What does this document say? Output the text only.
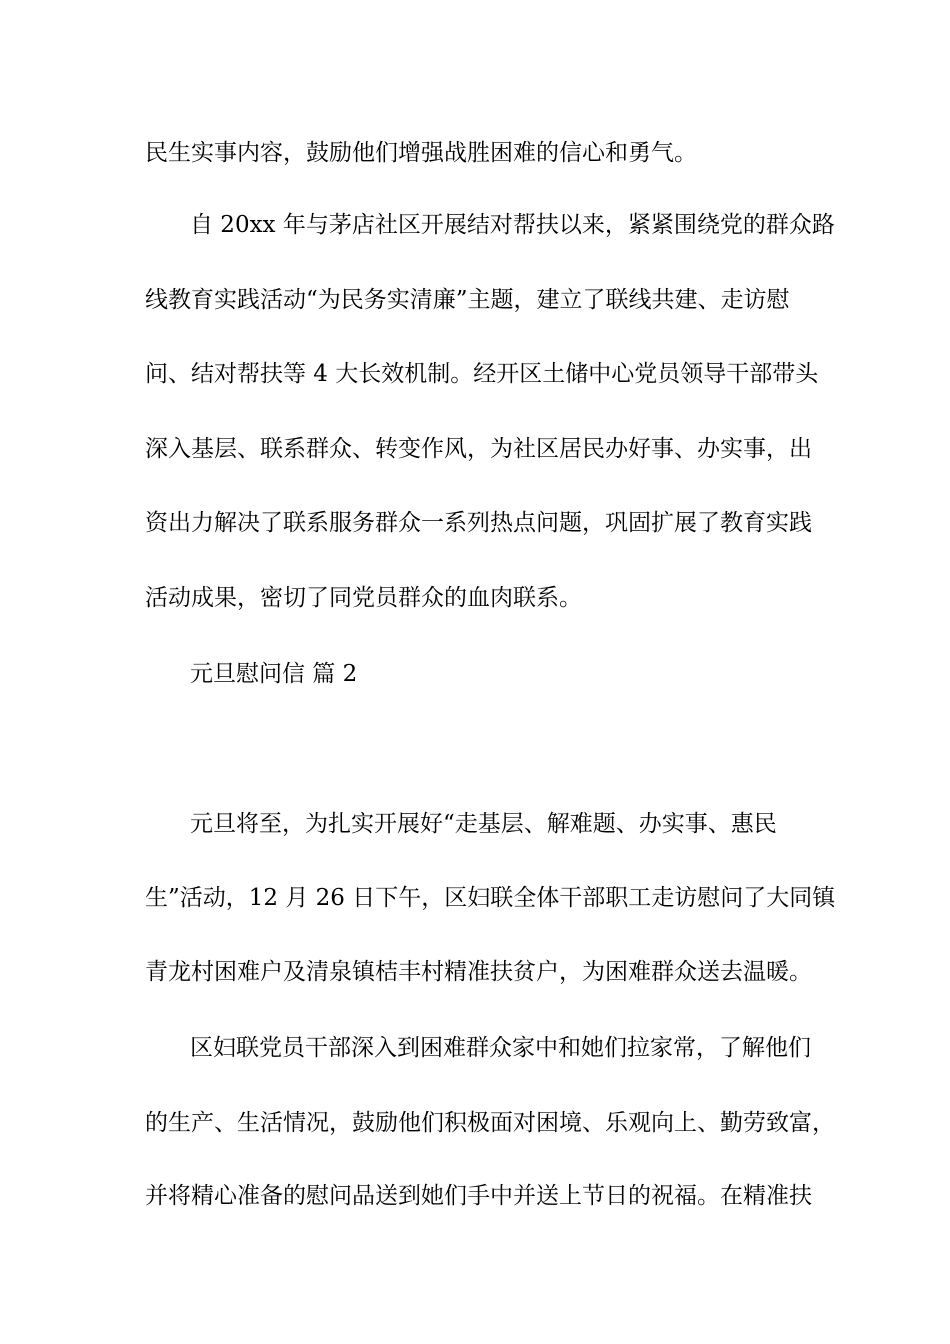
民生实事内容，鼓励他们增强战胜困难的信心和勇气。
自 20xx 年与茅店社区开展结对帮扶以来，紧紧围绕党的群众路
线教育实践活动“为民务实清廉”主题，建立了联线共建、走访慰
问、结对帮扶等 4 大长效机制。经开区土储中心党员领导干部带头
深入基层、联系群众、转变作风，为社区居民办好事、办实事，出
资出力解决了联系服务群众一系列热点问题，巩固扩展了教育实践
活动成果，密切了同党员群众的血肉联系。
元旦慰问信 篇 2
元旦将至，为扎实开展好“走基层、解难题、办实事、惠民
生”活动，12 月 26 日下午，区妇联全体干部职工走访慰问了大同镇
青龙村困难户及清泉镇桔丰村精准扶贫户，为困难群众送去温暖。
区妇联党员干部深入到困难群众家中和她们拉家常，了解他们
的生产、生活情况，鼓励他们积极面对困境、乐观向上、勤劳致富，
并将精心准备的慰问品送到她们手中并送上节日的祝福。在精准扶
